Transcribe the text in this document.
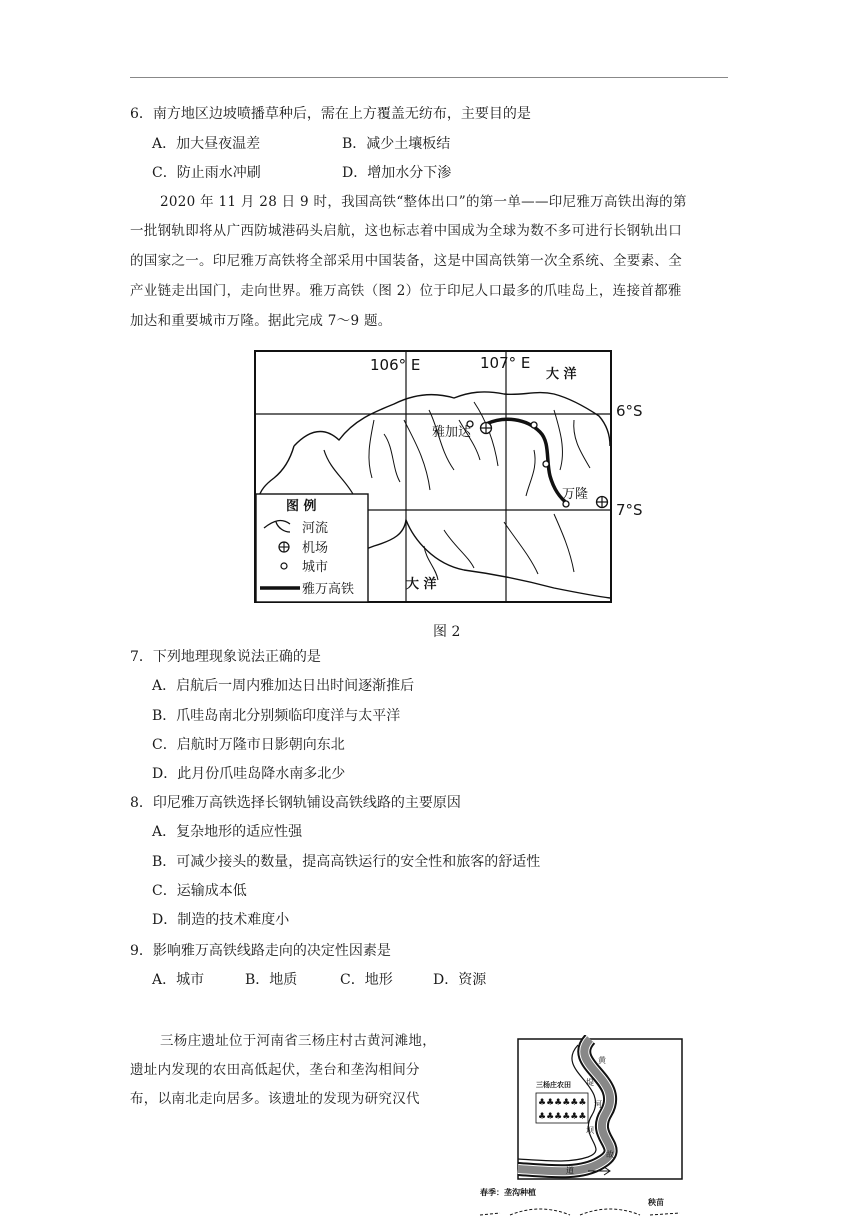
6．南方地区边坡喷播草种后，需在上方覆盖无纺布，主要目的是
A．加大昼夜温差	B．减少土壤板结
C．防止雨水冲刷	D．增加水分下渗
2020 年 11 月 28 日 9 时，我国高铁“整体出口”的第一单——印尼雅万高铁出海的第
一批钢轨即将从广西防城港码头启航，这也标志着中国成为全球为数不多可进行长钢轨出口
的国家之一。印尼雅万高铁将全部采用中国装备，这是中国高铁第一次全系统、全要素、全
产业链走出国门，走向世界。雅万高铁（图 2）位于印尼人口最多的爪哇岛上，连接首都雅
加达和重要城市万隆。据此完成 7～9 题。
106° E	107° E
大 洋
大 洋
雅加达
万隆
图 例
河流
机场
城市
雅万高铁
6°S
7°S
图 2
7．下列地理现象说法正确的是
A．启航后一周内雅加达日出时间逐渐推后
B．爪哇岛南北分别频临印度洋与太平洋
C．启航时万隆市日影朝向东北
D．此月份爪哇岛降水南多北少
8．印尼雅万高铁选择长钢轨铺设高铁线路的主要原因
A．复杂地形的适应性强
B．可减少接头的数量，提高高铁运行的安全性和旅客的舒适性
C．运输成本低
D．制造的技术难度小
9．影响雅万高铁线路走向的决定性因素是
A．城市	B．地质	C．地形	D．资源
三杨庄遗址位于河南省三杨庄村古黄河滩地，
遗址内发现的农田高低起伏，垄台和垄沟相间分
布，以南北走向居多。该遗址的发现为研究汉代
三杨庄农田
♣♣♣♣♣♣
♣♣♣♣♣♣
黄
河
故
道
堤
坝
春季：垄沟种植
秧苗
